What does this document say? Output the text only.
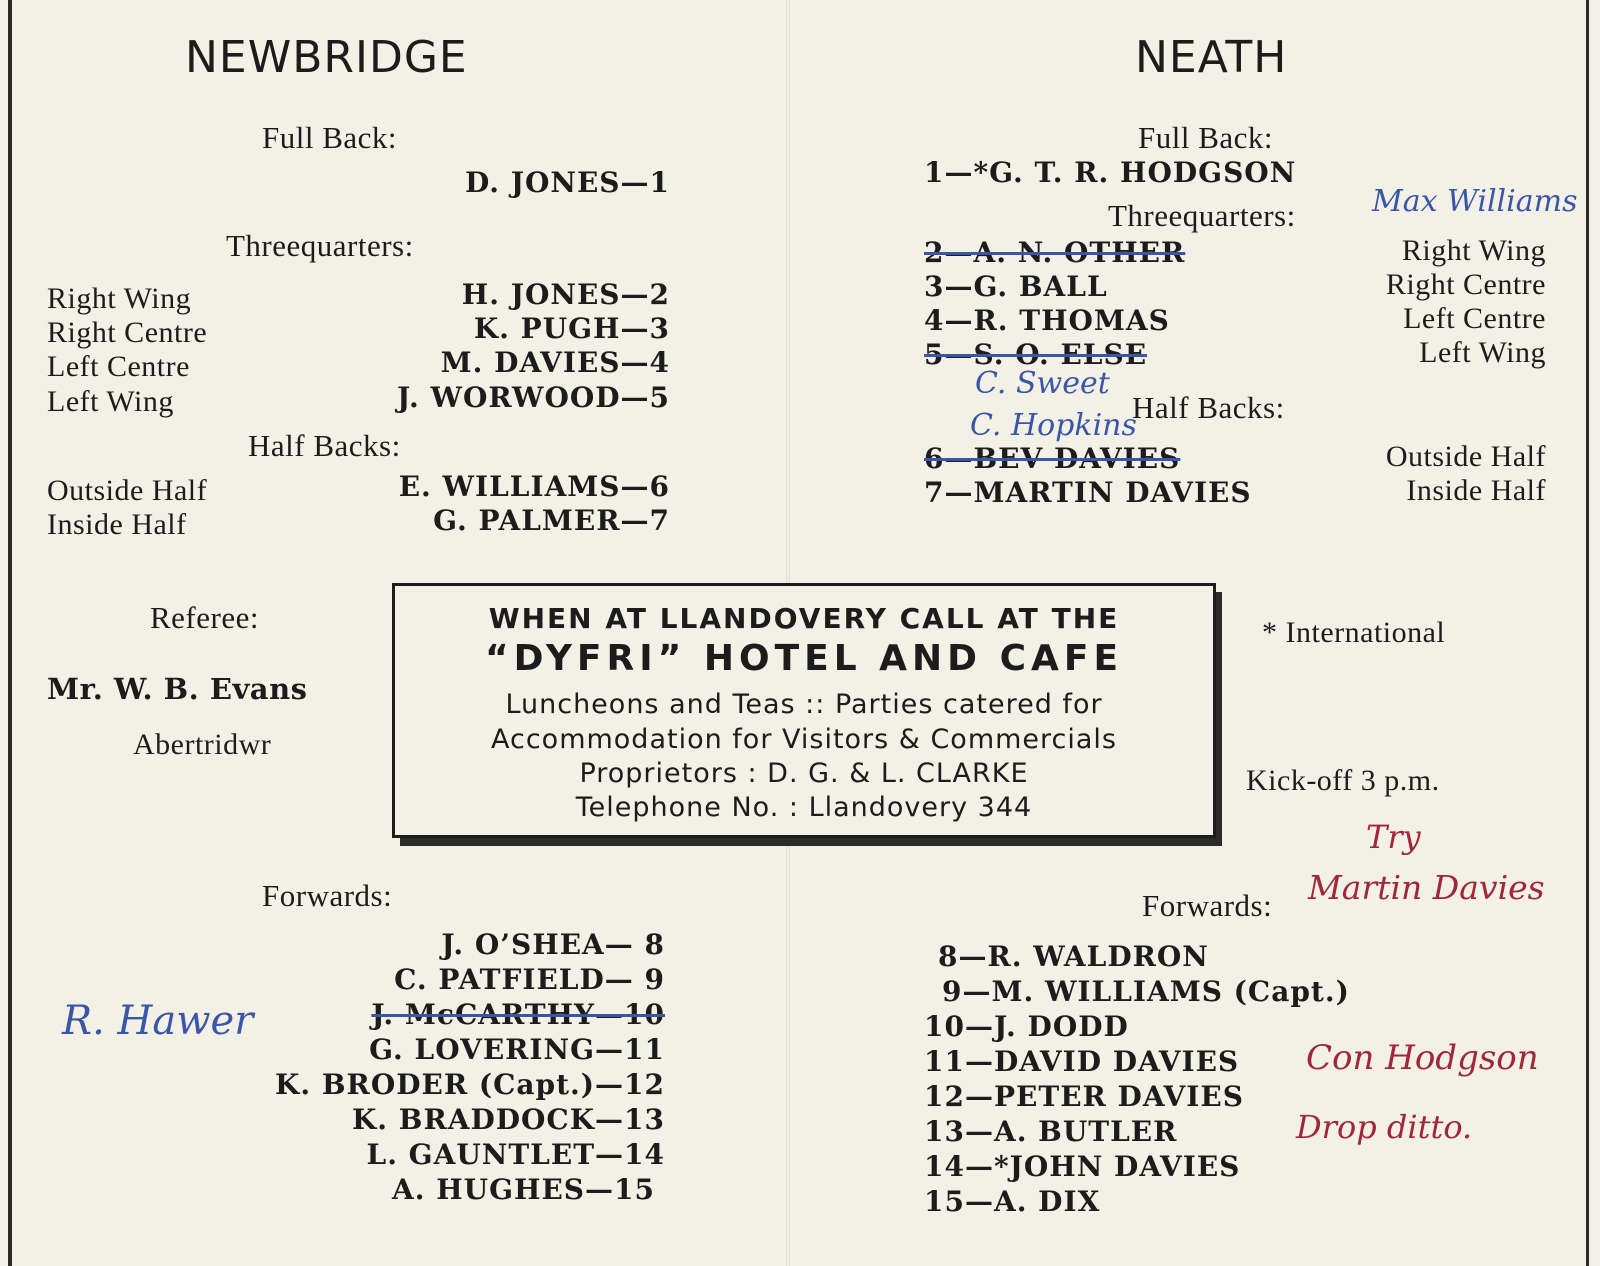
NEWBRIDGE
Full Back:
D. JONES—1
Threequarters:
Right Wing	H. JONES—2
Right Centre	K. PUGH—3
Left Centre	M. DAVIES—4
Left Wing	J. WORWOOD—5
Half Backs:
Outside Half	E. WILLIAMS—6
Inside Half	G. PALMER—7
Referee:
Mr. W. B. Evans
Abertridwr
Forwards:
J. O’SHEA— 8
C. PATFIELD— 9
J. McCARTHY—10
G. LOVERING—11
K. BRODER (Capt.)—12
K. BRADDOCK—13
L. GAUNTLET—14
A. HUGHES—15
R. Hawer
WHEN AT LLANDOVERY CALL AT THE
“DYFRI” HOTEL AND CAFE
Luncheons and Teas :: Parties catered for
Accommodation for Visitors & Commercials
Proprietors : D. G. & L. CLARKE
Telephone No. : Llandovery 344
NEATH
Full Back:
1—*G. T. R. HODGSON
Threequarters:	Max Williams
2—A. N. OTHER	Right Wing
3—G. BALL	Right Centre
4—R. THOMAS	Left Centre
5—S. O. ELSE	Left Wing
C. Sweet
Half Backs:
C. Hopkins
6—BEV DAVIES	Outside Half
7—MARTIN DAVIES	Inside Half
* International
Kick-off 3 p.m.
Try
Forwards: Martin Davies
8—R. WALDRON
9—M. WILLIAMS (Capt.)
10—J. DODD
11—DAVID DAVIES
12—PETER DAVIES
13—A. BUTLER
14—*JOHN DAVIES
15—A. DIX
Con Hodgson
Drop ditto.
